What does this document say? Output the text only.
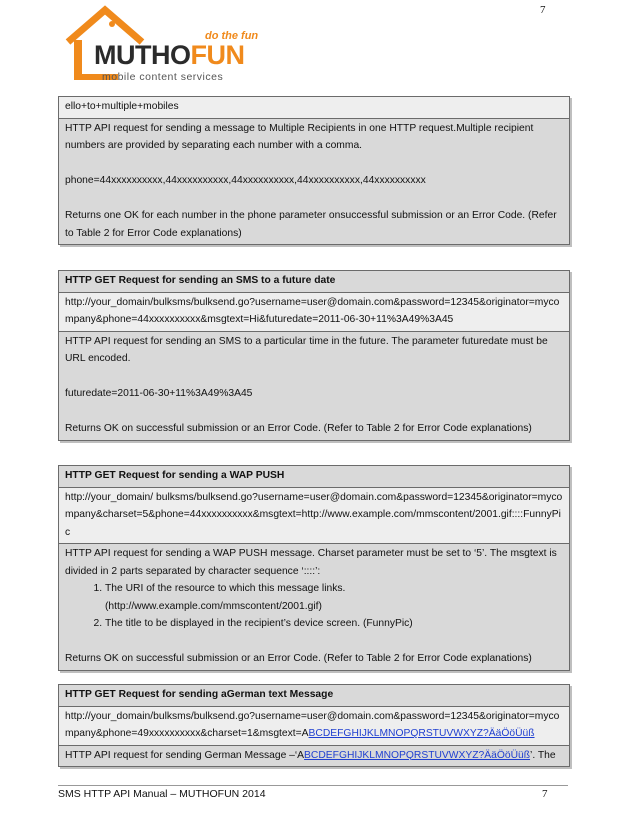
7
do the fun
MUTHOFUN
mobile content services
ello+to+multiple+mobiles

HTTP API request for sending a message to Multiple Recipients in one HTTP request.Multiple recipient numbers are provided by separating each number with a comma.
phone=44xxxxxxxxxx,44xxxxxxxxxx,44xxxxxxxxxx,44xxxxxxxxxx,44xxxxxxxxxx
Returns one OK for each number in the phone parameter onsuccessful submission or an Error Code. (Refer to Table 2 for Error Code explanations)
HTTP GET Request for sending an SMS to a future date
http://your_domain/bulksms/bulksend.go?username=user@domain.com&password=12345&originator=mycompany&phone=44xxxxxxxxxx&msgtext=Hi&futuredate=2011-06-30+11%3A49%3A45

HTTP API request for sending an SMS to a particular time in the future. The parameter futuredate must be URL encoded.
futuredate=2011-06-30+11%3A49%3A45
Returns OK on successful submission or an Error Code. (Refer to Table 2 for Error Code explanations)
HTTP GET Request for sending a WAP PUSH
http://your_domain/ bulksms/bulksend.go?username=user@domain.com&password=12345&originator=mycompany&charset=5&phone=44xxxxxxxxxx&msgtext=http://www.example.com/mmscontent/2001.gif::::FunnyPic

HTTP API request for sending a WAP PUSH message. Charset parameter must be set to ‘5’. The msgtext is divided in 2 parts separated by character sequence ‘::::’:
1. The URI of the resource to which this message links.
(http://www.example.com/mmscontent/2001.gif)
2. The title to be displayed in the recipient’s device screen. (FunnyPic)
Returns OK on successful submission or an Error Code. (Refer to Table 2 for Error Code explanations)
HTTP GET Request for sending aGerman text Message
http://your_domain/bulksms/bulksend.go?username=user@domain.com&password=12345&originator=mycompany&phone=49xxxxxxxxxx&charset=1&msgtext=ABCDEFGHIJKLMNOPQRSTUVWXYZ?ÄäÖöÜüß
HTTP API request for sending German Message –‘ABCDEFGHIJKLMNOPQRSTUVWXYZ?ÄäÖöÜüß’. The
SMS HTTP API Manual – MUTHOFUN 2014	7
